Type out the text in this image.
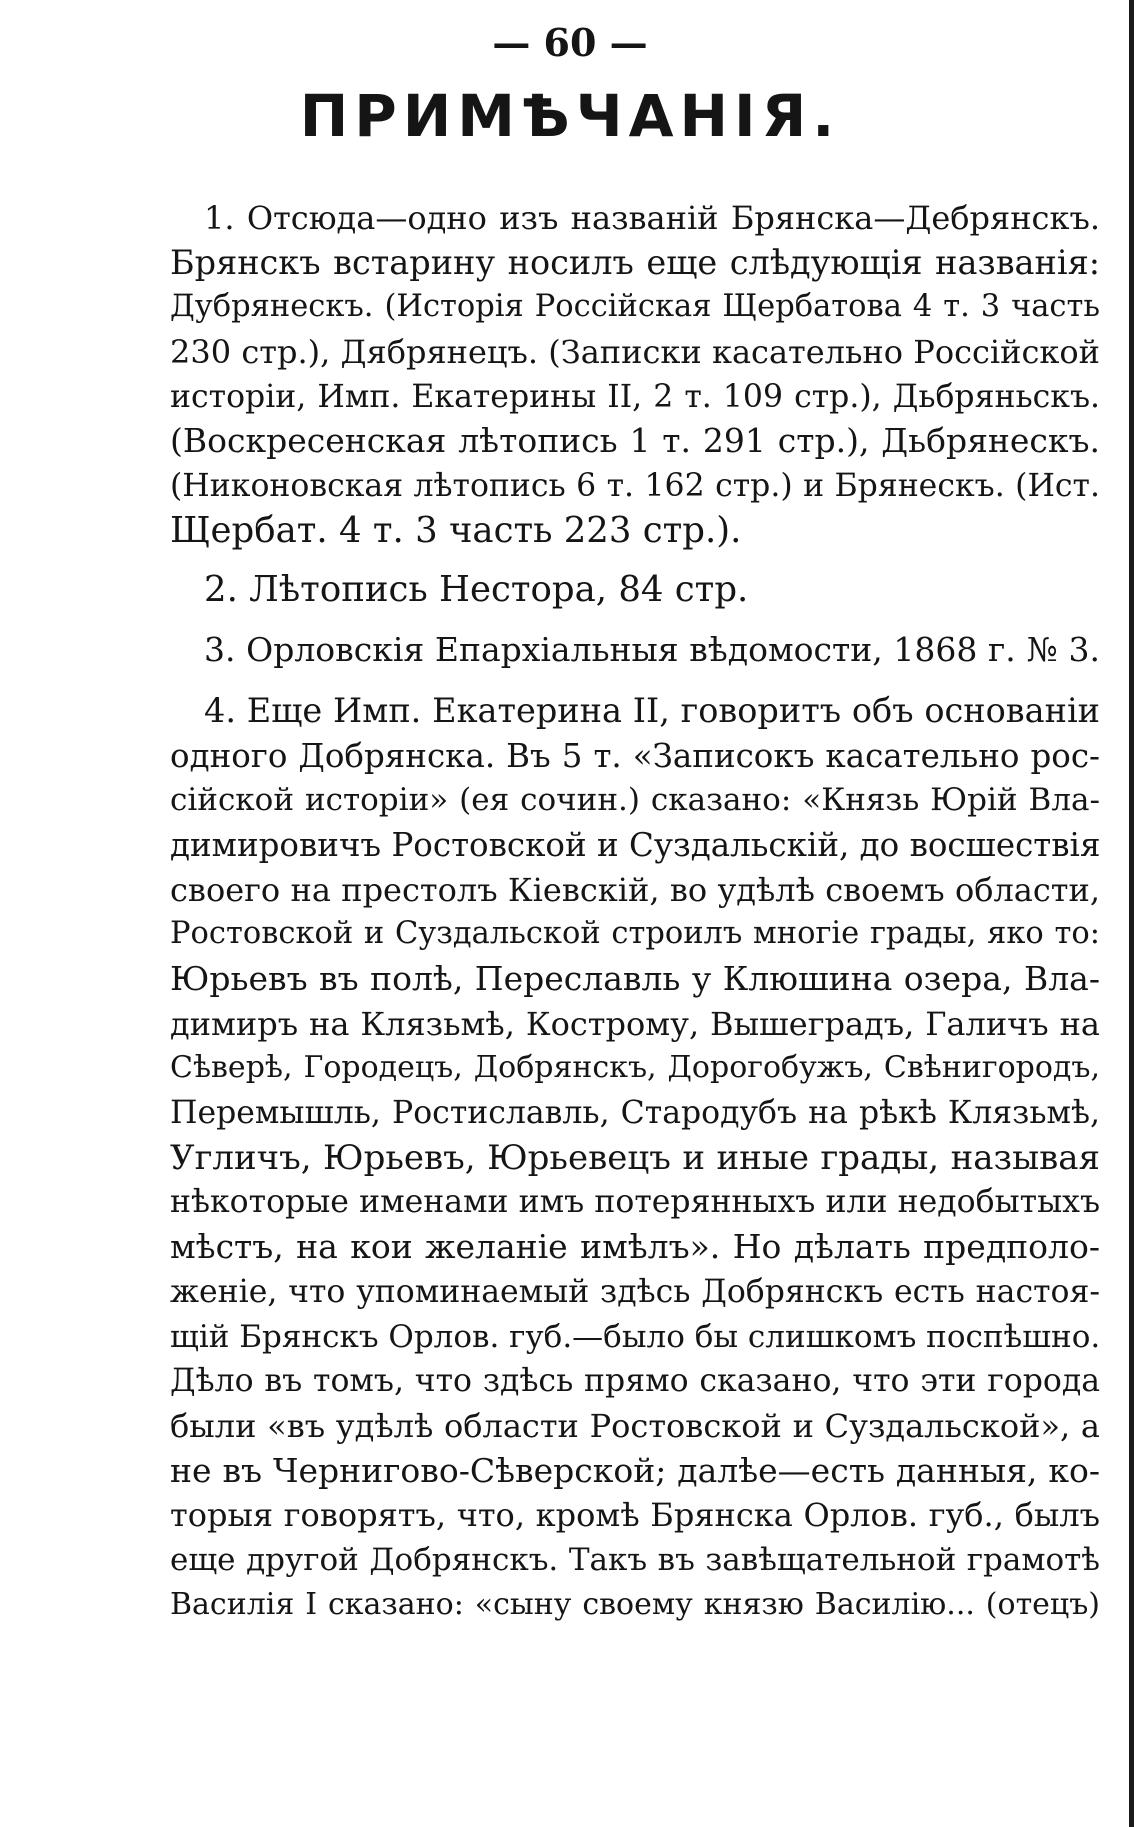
— 60 —
ПРИМѢЧАНІЯ.
1. Отсюда—одно изъ названій Брянска—Дебрянскъ.
Брянскъ встарину носилъ еще слѣдующія названія:
Дубрянескъ. (Исторія Россійская Щербатова 4 т. 3 часть
230 стр.), Дябрянецъ. (Записки касательно Россійской
исторіи, Имп. Екатерины II, 2 т. 109 стр.), Дьбряньскъ.
(Воскресенская лѣтопись 1 т. 291 стр.), Дьбрянескъ.
(Никоновская лѣтопись 6 т. 162 стр.) и Брянескъ. (Ист.
Щербат. 4 т. 3 часть 223 стр.).
2. Лѣтопись Нестора, 84 стр.
3. Орловскія Епархіальныя вѣдомости, 1868 г. № 3.
4. Еще Имп. Екатерина II, говоритъ объ основаніи
одного Добрянска. Въ 5 т. «Записокъ касательно рос-
сійской исторіи» (ея сочин.) сказано: «Князь Юрій Вла-
димировичъ Ростовской и Суздальскій, до восшествія
своего на престолъ Кіевскій, во удѣлѣ своемъ области,
Ростовской и Суздальской строилъ многіе грады, яко то:
Юрьевъ въ полѣ, Переславль у Клюшина озера, Вла-
димиръ на Клязьмѣ, Кострому, Вышеградъ, Галичъ на
Сѣверѣ, Городецъ, Добрянскъ, Дорогобужъ, Свѣнигородъ,
Перемышль, Ростиславль, Стародубъ на рѣкѣ Клязьмѣ,
Угличъ, Юрьевъ, Юрьевецъ и иные грады, называя
нѣкоторые именами имъ потерянныхъ или недобытыхъ
мѣстъ, на кои желаніе имѣлъ». Но дѣлать предполо-
женіе, что упоминаемый здѣсь Добрянскъ есть настоя-
щій Брянскъ Орлов. губ.—было бы слишкомъ поспѣшно.
Дѣло въ томъ, что здѣсь прямо сказано, что эти города
были «въ удѣлѣ области Ростовской и Суздальской», а
не въ Черниговo-Сѣверской; далѣе—есть данныя, ко-
торыя говорятъ, что, кромѣ Брянска Орлов. губ., былъ
еще другой Добрянскъ. Такъ въ завѣщательной грамотѣ
Василія I сказано: «сыну своему князю Василію... (отецъ)
